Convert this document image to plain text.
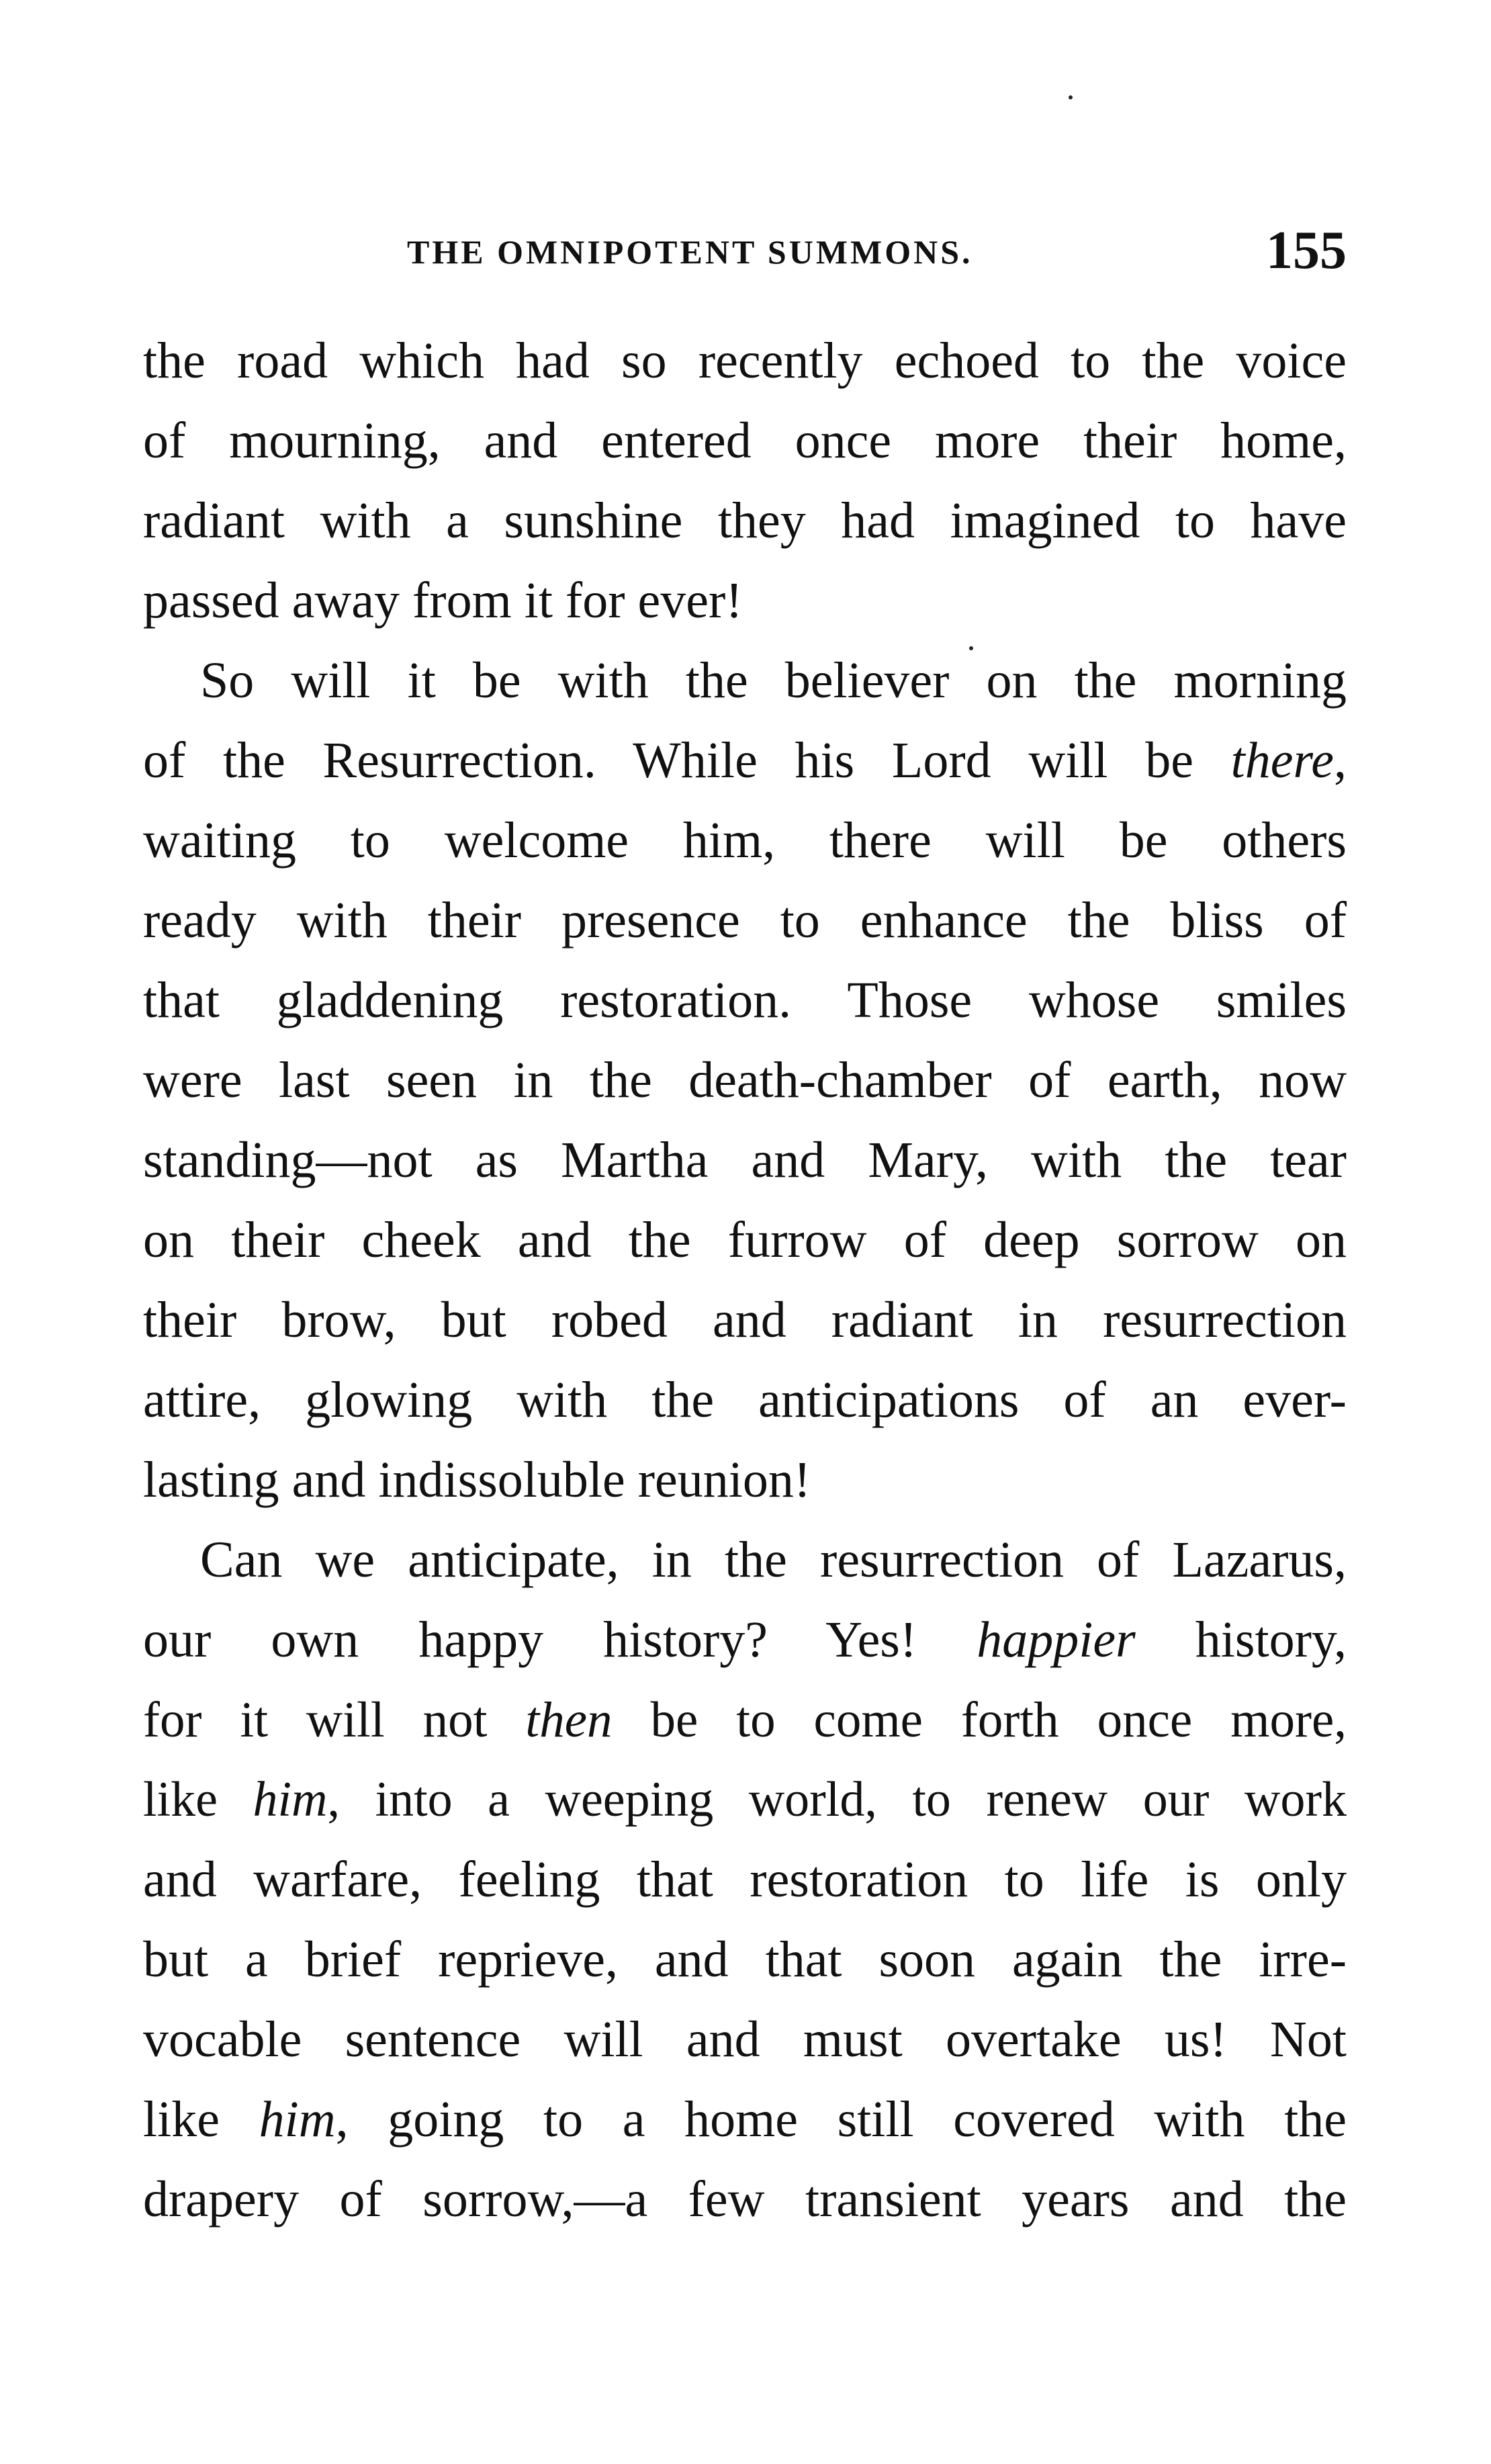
THE OMNIPOTENT SUMMONS.	155
the road which had so recently echoed to the voice
of mourning, and entered once more their home,
radiant with a sunshine they had imagined to have
passed away from it for ever!
So will it be with the believer on the morning
of the Resurrection. While his Lord will be there,
waiting to welcome him, there will be others
ready with their presence to enhance the bliss of
that gladdening restoration. Those whose smiles
were last seen in the death-chamber of earth, now
standing—not as Martha and Mary, with the tear
on their cheek and the furrow of deep sorrow on
their brow, but robed and radiant in resurrection
attire, glowing with the anticipations of an ever-
lasting and indissoluble reunion!
Can we anticipate, in the resurrection of Lazarus,
our own happy history? Yes! happier history,
for it will not then be to come forth once more,
like him, into a weeping world, to renew our work
and warfare, feeling that restoration to life is only
but a brief reprieve, and that soon again the irre-
vocable sentence will and must overtake us! Not
like him, going to a home still covered with the
drapery of sorrow,—a few transient years and the
